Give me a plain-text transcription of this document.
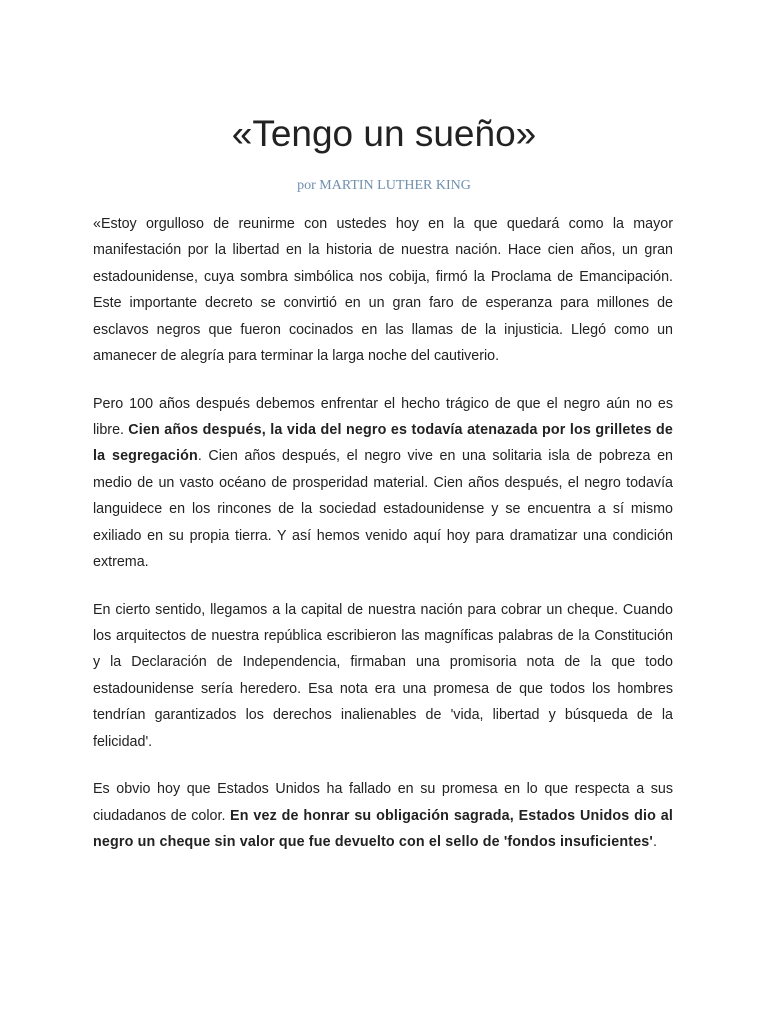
«Tengo un sueño»
por MARTIN LUTHER KING

«Estoy orgulloso de reunirme con ustedes hoy en la que quedará como la mayor manifestación por la libertad en la historia de nuestra nación. Hace cien años, un gran estadounidense, cuya sombra simbólica nos cobija, firmó la Proclama de Emancipación. Este importante decreto se convirtió en un gran faro de esperanza para millones de esclavos negros que fueron cocinados en las llamas de la injusticia. Llegó como un amanecer de alegría para terminar la larga noche del cautiverio.

Pero 100 años después debemos enfrentar el hecho trágico de que el negro aún no es libre. Cien años después, la vida del negro es todavía atenazada por los grilletes de la segregación. Cien años después, el negro vive en una solitaria isla de pobreza en medio de un vasto océano de prosperidad material. Cien años después, el negro todavía languidece en los rincones de la sociedad estadounidense y se encuentra a sí mismo exiliado en su propia tierra. Y así hemos venido aquí hoy para dramatizar una condición extrema.

En cierto sentido, llegamos a la capital de nuestra nación para cobrar un cheque. Cuando los arquitectos de nuestra república escribieron las magníficas palabras de la Constitución y la Declaración de Independencia, firmaban una promisoria nota de la que todo estadounidense sería heredero. Esa nota era una promesa de que todos los hombres tendrían garantizados los derechos inalienables de 'vida, libertad y búsqueda de la felicidad'.

Es obvio hoy que Estados Unidos ha fallado en su promesa en lo que respecta a sus ciudadanos de color. En vez de honrar su obligación sagrada, Estados Unidos dio al negro un cheque sin valor que fue devuelto con el sello de 'fondos insuficientes'.
